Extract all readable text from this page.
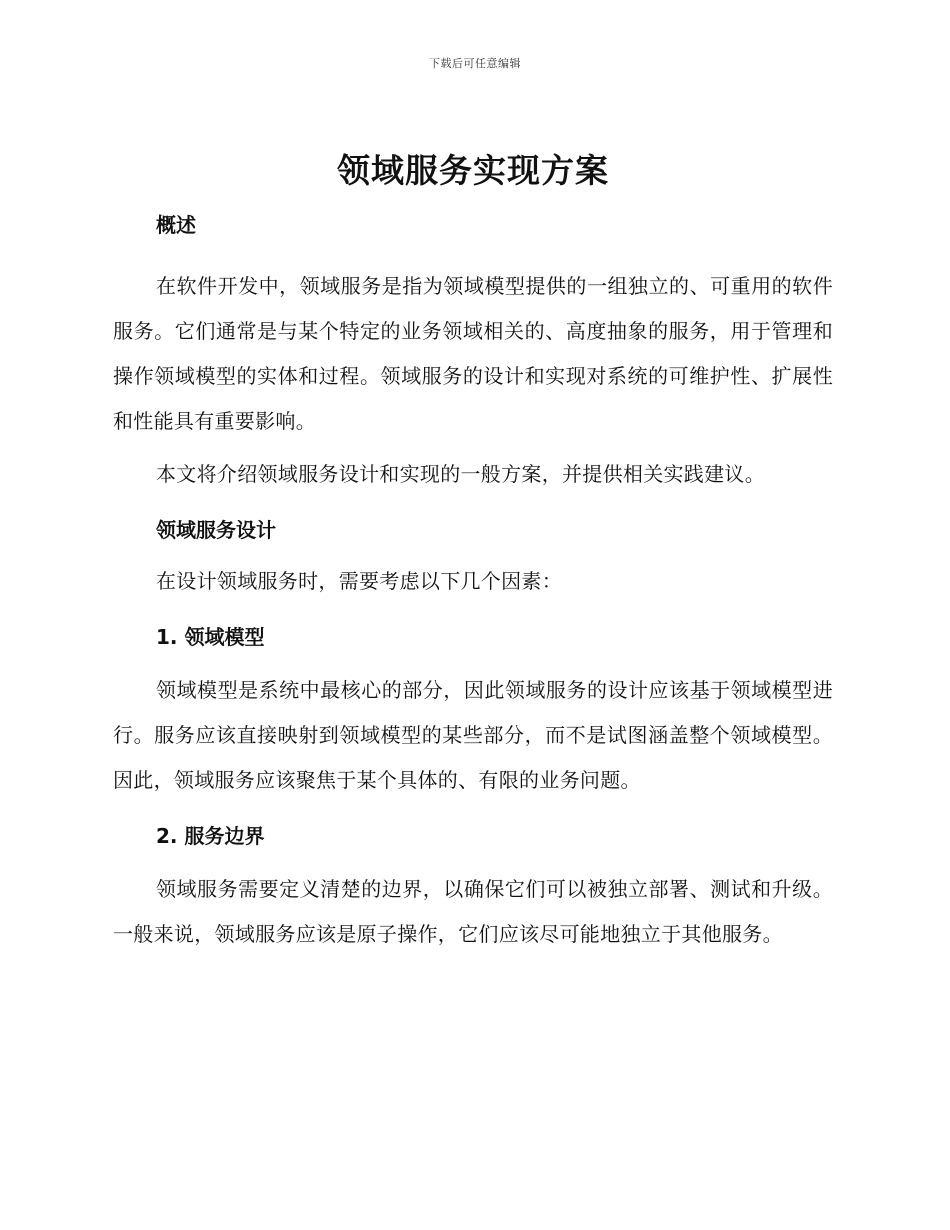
下载后可任意编辑
领域服务实现方案
概述

在软件开发中，领域服务是指为领域模型提供的一组独立的、可重用的软件服务。它们通常是与某个特定的业务领域相关的、高度抽象的服务，用于管理和操作领域模型的实体和过程。领域服务的设计和实现对系统的可维护性、扩展性和性能具有重要影响。

本文将介绍领域服务设计和实现的一般方案，并提供相关实践建议。

领域服务设计

在设计领域服务时，需要考虑以下几个因素：

1. 领域模型

领域模型是系统中最核心的部分，因此领域服务的设计应该基于领域模型进行。服务应该直接映射到领域模型的某些部分，而不是试图涵盖整个领域模型。因此，领域服务应该聚焦于某个具体的、有限的业务问题。

2. 服务边界

领域服务需要定义清楚的边界，以确保它们可以被独立部署、测试和升级。一般来说，领域服务应该是原子操作，它们应该尽可能地独立于其他服务。
